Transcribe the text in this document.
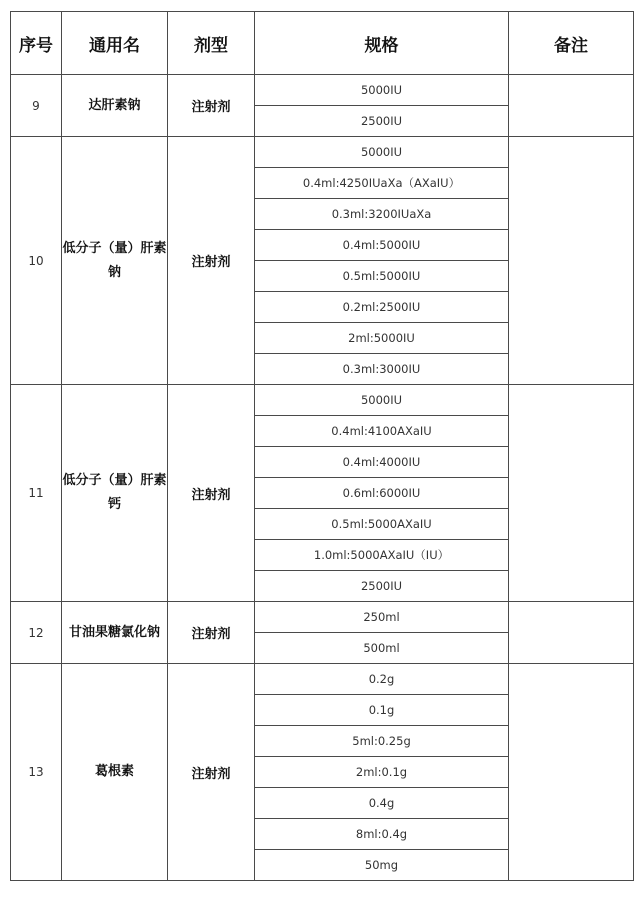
序号	通用名	剂型	规格	备注
9	达肝素钠	注射剂	5000IU	
			2500IU	
10	低分子（量）肝素钠	注射剂	5000IU	
			0.4ml:4250IUaXa（AXaIU）	
			0.3ml:3200IUaXa	
			0.4ml:5000IU	
			0.5ml:5000IU	
			0.2ml:2500IU	
			2ml:5000IU	
			0.3ml:3000IU	
11	低分子（量）肝素钙	注射剂	5000IU	
			0.4ml:4100AXaIU	
			0.4ml:4000IU	
			0.6ml:6000IU	
			0.5ml:5000AXaIU	
			1.0ml:5000AXaIU（IU）	
			2500IU	
12	甘油果糖氯化钠	注射剂	250ml	
			500ml	
13	葛根素	注射剂	0.2g	
			0.1g	
			5ml:0.25g	
			2ml:0.1g	
			0.4g	
			8ml:0.4g	
			50mg	
